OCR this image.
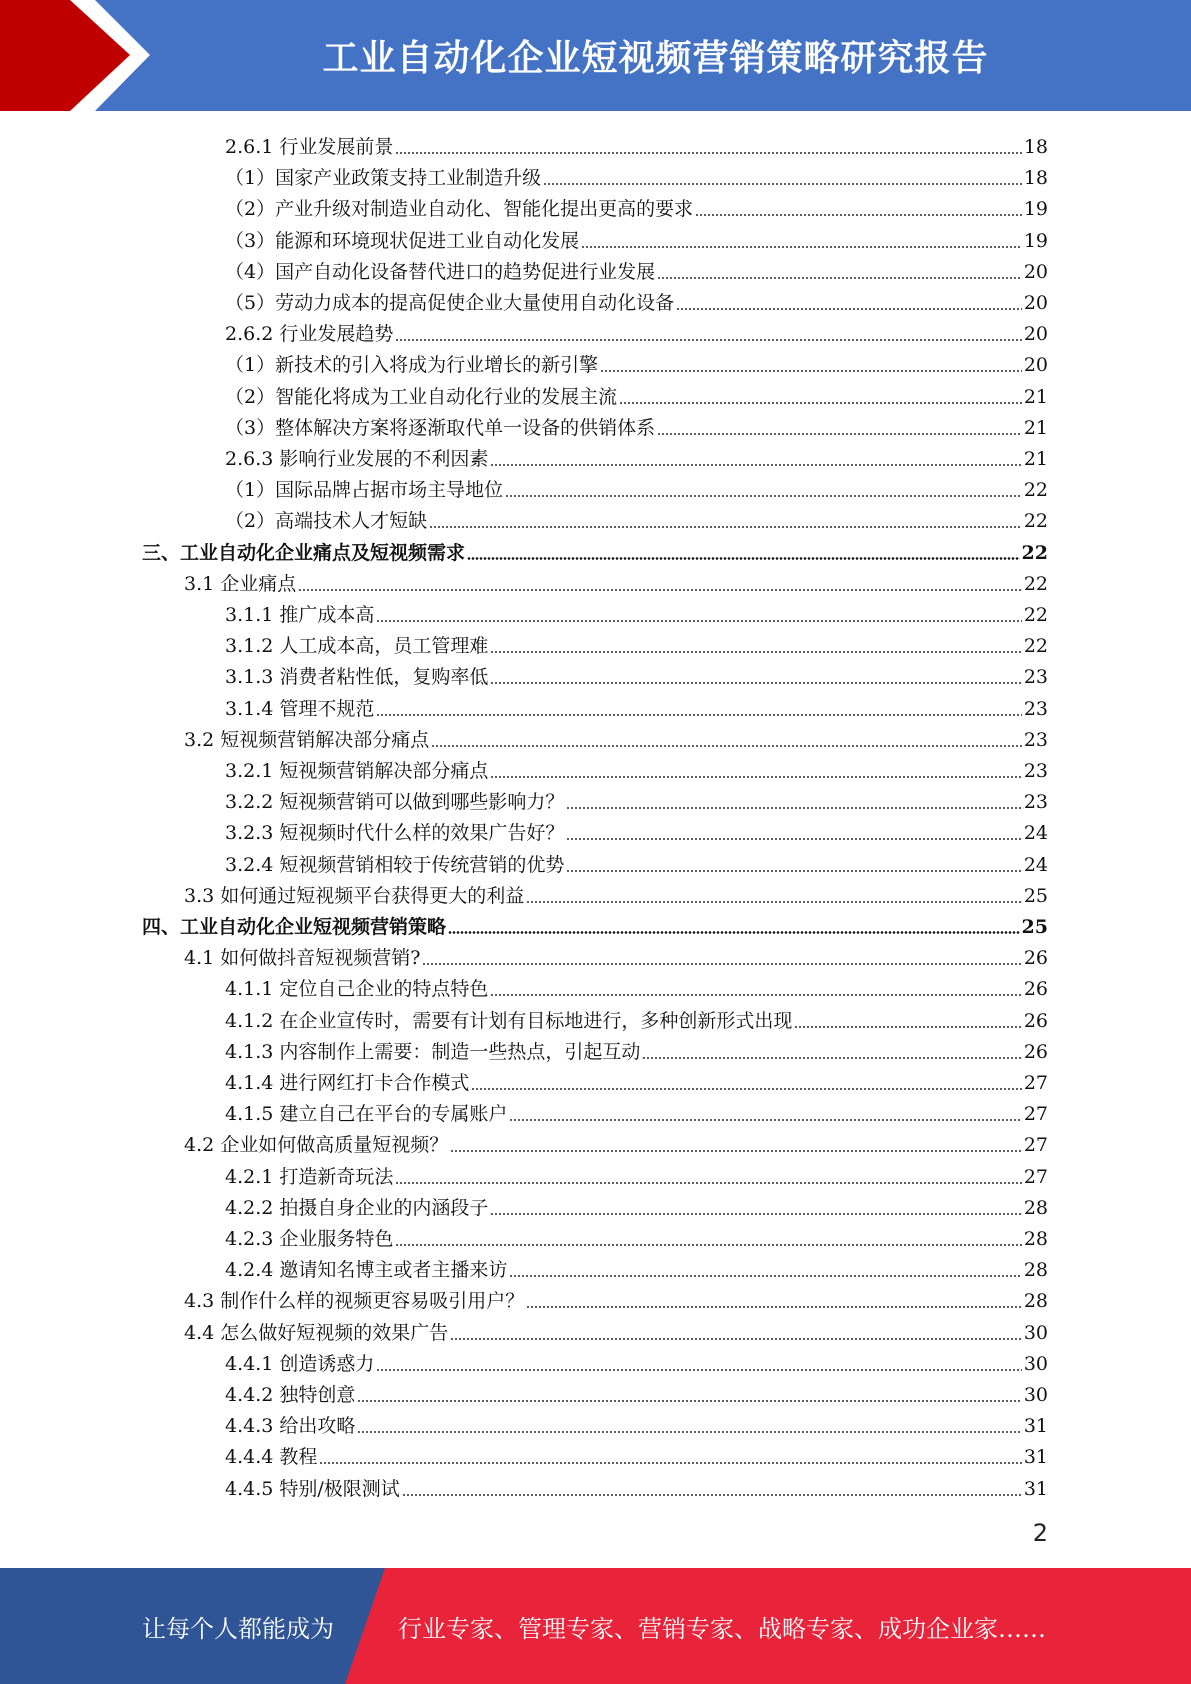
工业自动化企业短视频营销策略研究报告
2.6.1 行业发展前景	18
（1）国家产业政策支持工业制造升级	18
（2）产业升级对制造业自动化、智能化提出更高的要求	19
（3）能源和环境现状促进工业自动化发展	19
（4）国产自动化设备替代进口的趋势促进行业发展	20
（5）劳动力成本的提高促使企业大量使用自动化设备	20
2.6.2 行业发展趋势	20
（1）新技术的引入将成为行业增长的新引擎	20
（2）智能化将成为工业自动化行业的发展主流	21
（3）整体解决方案将逐渐取代单一设备的供销体系	21
2.6.3 影响行业发展的不利因素	21
（1）国际品牌占据市场主导地位	22
（2）高端技术人才短缺	22
三、工业自动化企业痛点及短视频需求	22
3.1 企业痛点	22
3.1.1 推广成本高	22
3.1.2 人工成本高，员工管理难	22
3.1.3 消费者粘性低，复购率低	23
3.1.4 管理不规范	23
3.2 短视频营销解决部分痛点	23
3.2.1 短视频营销解决部分痛点	23
3.2.2 短视频营销可以做到哪些影响力？	23
3.2.3 短视频时代什么样的效果广告好？	24
3.2.4 短视频营销相较于传统营销的优势	24
3.3 如何通过短视频平台获得更大的利益	25
四、工业自动化企业短视频营销策略	25
4.1 如何做抖音短视频营销?	26
4.1.1 定位自己企业的特点特色	26
4.1.2 在企业宣传时，需要有计划有目标地进行，多种创新形式出现	26
4.1.3 内容制作上需要：制造一些热点，引起互动	26
4.1.4 进行网红打卡合作模式	27
4.1.5 建立自己在平台的专属账户	27
4.2 企业如何做高质量短视频？	27
4.2.1 打造新奇玩法	27
4.2.2 拍摄自身企业的内涵段子	28
4.2.3 企业服务特色	28
4.2.4 邀请知名博主或者主播来访	28
4.3 制作什么样的视频更容易吸引用户？	28
4.4 怎么做好短视频的效果广告	30
4.4.1 创造诱惑力	30
4.4.2 独特创意	30
4.4.3 给出攻略	31
4.4.4 教程	31
4.4.5 特别/极限测试	31
2
让每个人都能成为	行业专家、管理专家、营销专家、战略专家、成功企业家……
